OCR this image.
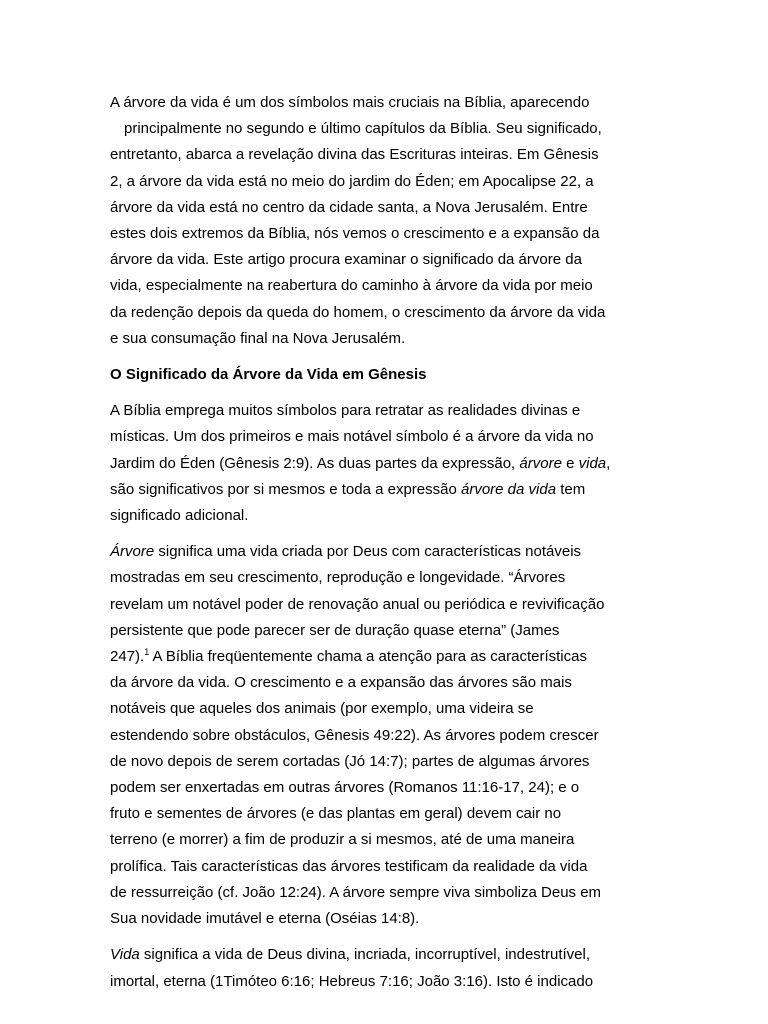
A árvore da vida é um dos símbolos mais cruciais na Bíblia, aparecendo
principalmente no segundo e último capítulos da Bíblia. Seu significado,
entretanto, abarca a revelação divina das Escrituras inteiras. Em Gênesis
2, a árvore da vida está no meio do jardim do Éden; em Apocalipse 22, a
árvore da vida está no centro da cidade santa, a Nova Jerusalém. Entre
estes dois extremos da Bíblia, nós vemos o crescimento e a expansão da
árvore da vida. Este artigo procura examinar o significado da árvore da
vida, especialmente na reabertura do caminho à árvore da vida por meio
da redenção depois da queda do homem, o crescimento da árvore da vida
e sua consumação final na Nova Jerusalém.

O Significado da Árvore da Vida em Gênesis

A Bíblia emprega muitos símbolos para retratar as realidades divinas e
místicas. Um dos primeiros e mais notável símbolo é a árvore da vida no
Jardim do Éden (Gênesis 2:9). As duas partes da expressão, árvore e vida,
são significativos por si mesmos e toda a expressão árvore da vida tem
significado adicional.

Árvore significa uma vida criada por Deus com características notáveis
mostradas em seu crescimento, reprodução e longevidade. “Árvores
revelam um notável poder de renovação anual ou periódica e revivificação
persistente que pode parecer ser de duração quase eterna” (James
247).$^1$ A Bíblia freqüentemente chama a atenção para as características
da árvore da vida. O crescimento e a expansão das árvores são mais
notáveis que aqueles dos animais (por exemplo, uma videira se
estendendo sobre obstáculos, Gênesis 49:22). As árvores podem crescer
de novo depois de serem cortadas (Jó 14:7); partes de algumas árvores
podem ser enxertadas em outras árvores (Romanos 11:16-17, 24); e o
fruto e sementes de árvores (e das plantas em geral) devem cair no
terreno (e morrer) a fim de produzir a si mesmos, até de uma maneira
prolífica. Tais características das árvores testificam da realidade da vida
de ressurreição (cf. João 12:24). A árvore sempre viva simboliza Deus em
Sua novidade imutável e eterna (Oséias 14:8).

Vida significa a vida de Deus divina, incriada, incorruptível, indestrutível,
imortal, eterna (1Timóteo 6:16; Hebreus 7:16; João 3:16). Isto é indicado
